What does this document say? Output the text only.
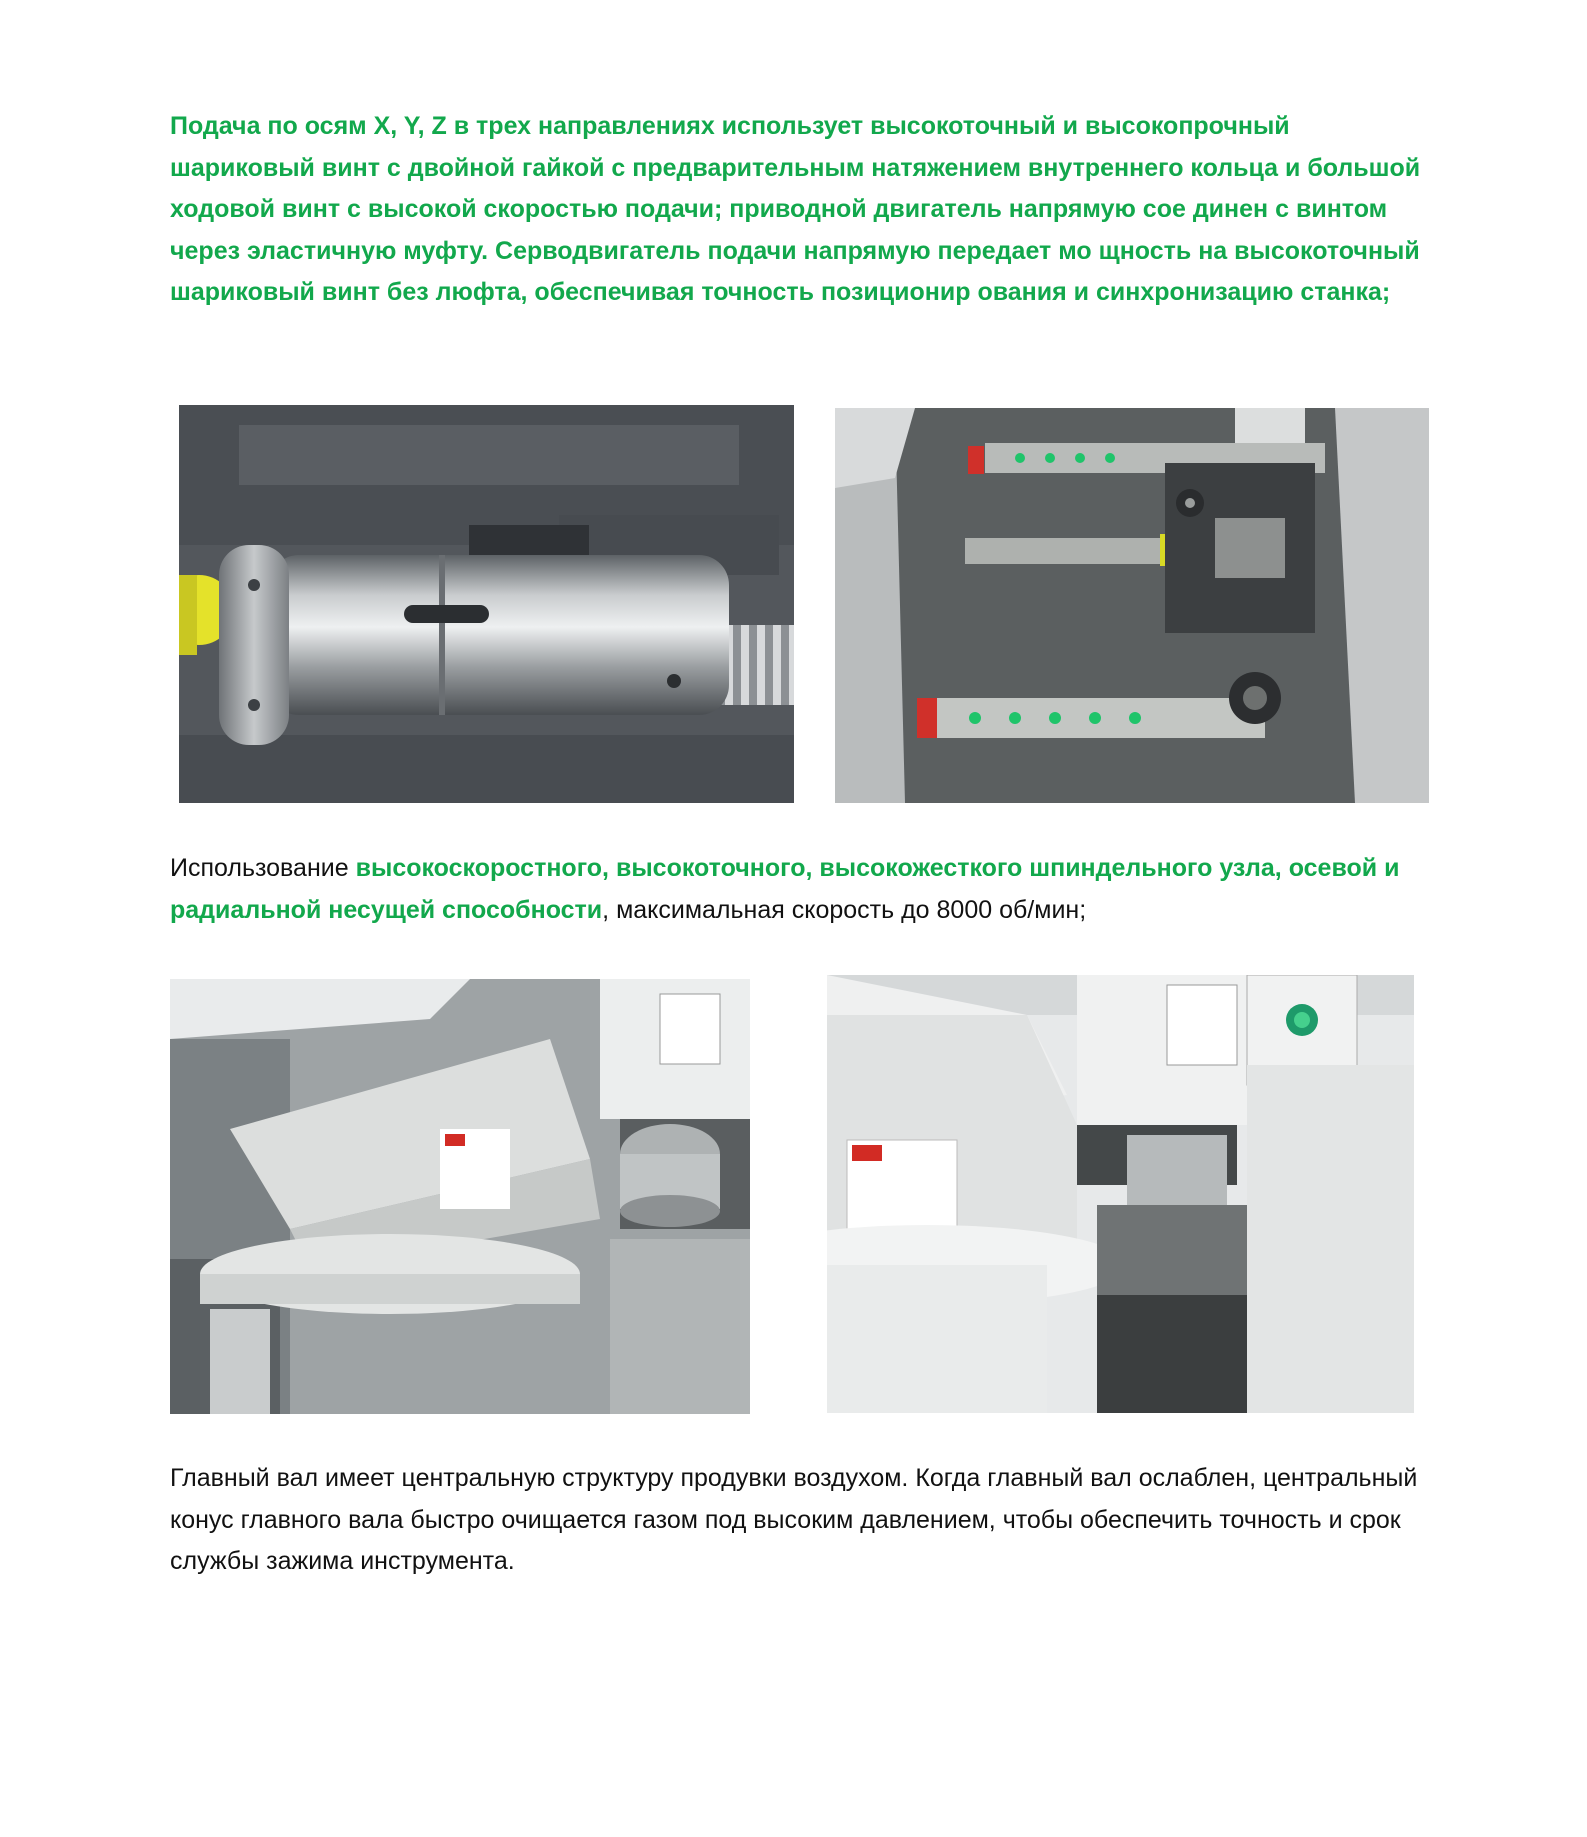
Подача по осям X, Y, Z в трех направлениях использует высокоточный и высокопрочный шариковый винт с двойной гайкой с предварительным натяжением внутреннего кольца и большой ходовой винт с высокой скоростью подачи; приводной двигатель напрямую сое динен с винтом через эластичную муфту. Серводвигатель подачи напрямую передает мо щность на высокоточный шариковый винт без люфта, обеспечивая точность позиционир ования и синхронизацию станка;

Использование высокоскоростного, высокоточного, высокожесткого шпиндельного узла, осевой и радиальной несущей способности, максимальная скорость до 8000 об/мин;

Главный вал имеет центральную структуру продувки воздухом. Когда главный вал ослаблен, центральный конус главного вала быстро очищается газом под высоким давлением, чтобы обеспечить точность и срок службы зажима инструмента.
